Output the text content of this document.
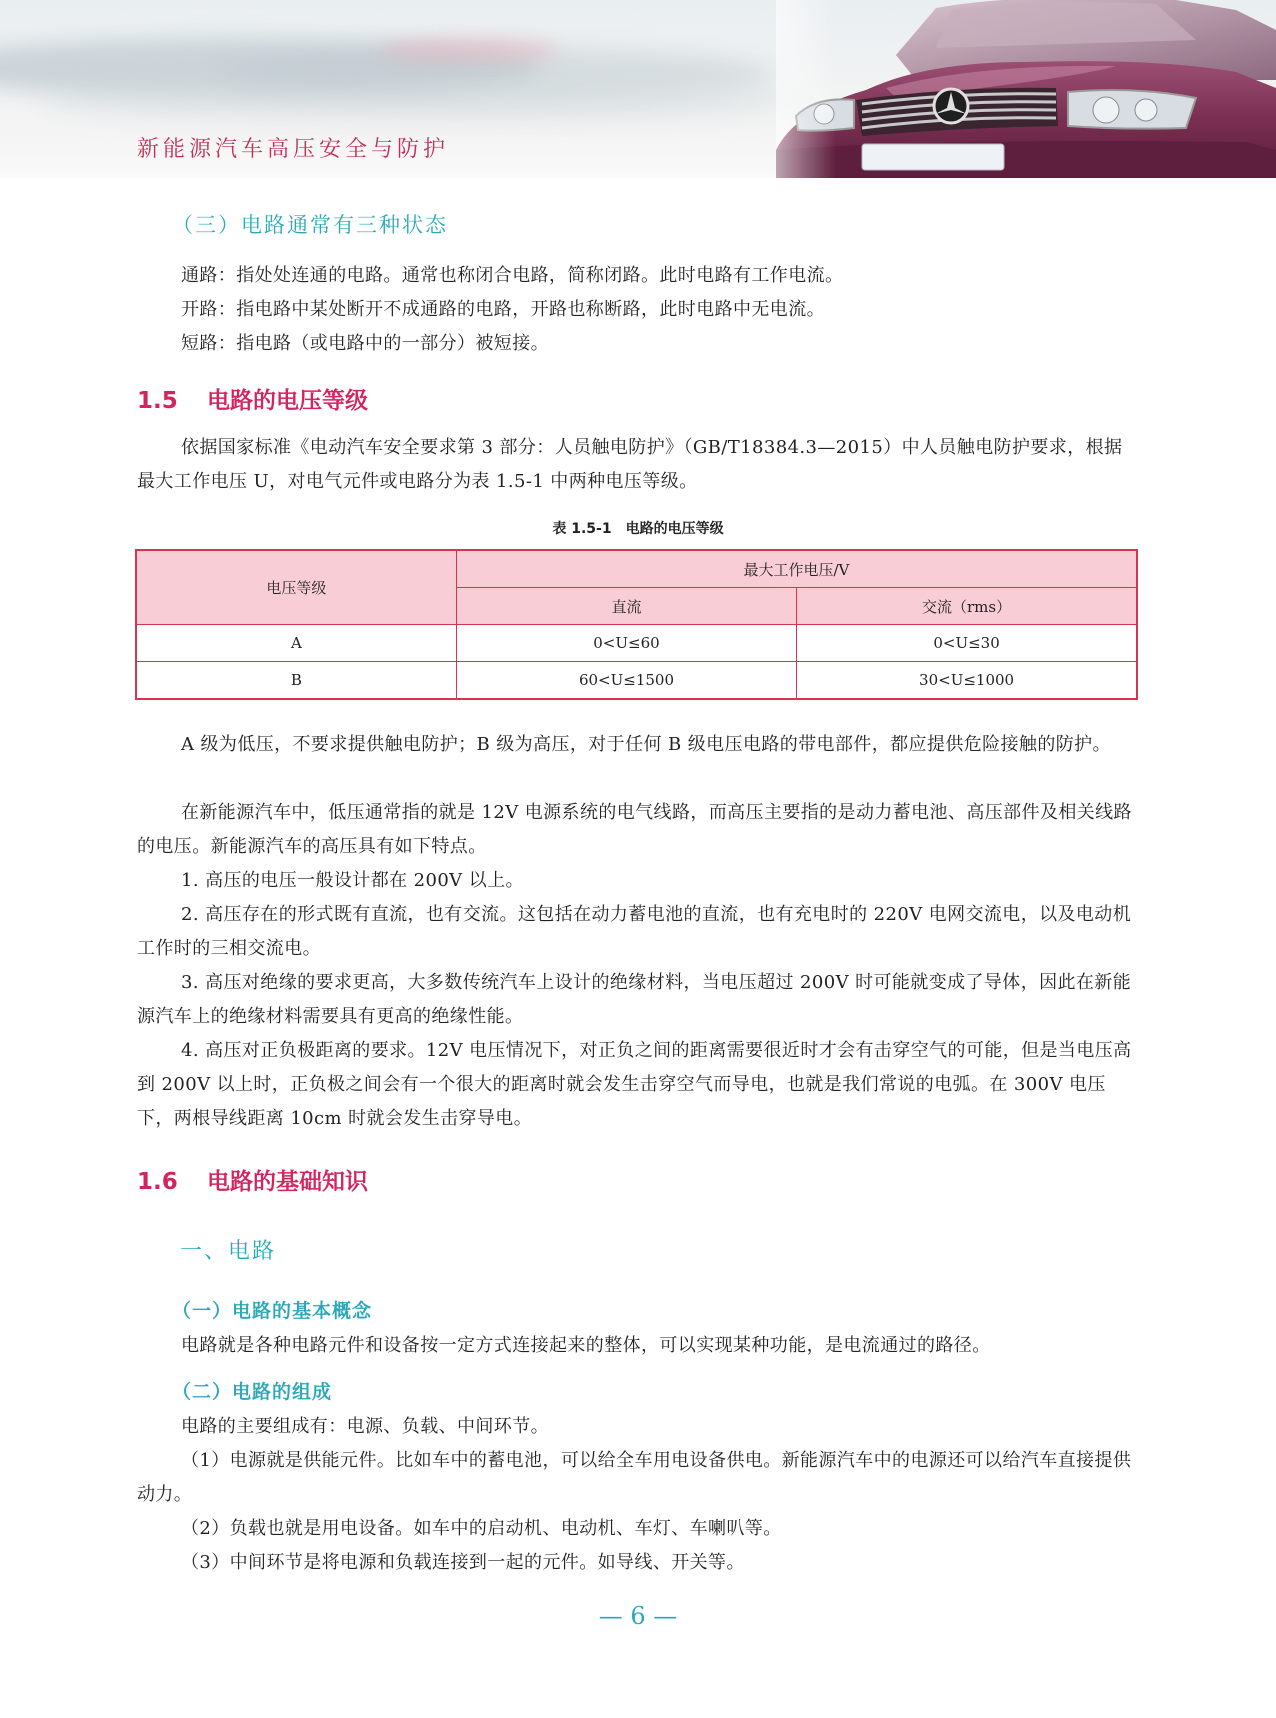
新能源汽车高压安全与防护
（三）电路通常有三种状态

通路：指处处连通的电路。通常也称闭合电路，简称闭路。此时电路有工作电流。

开路：指电路中某处断开不成通路的电路，开路也称断路，此时电路中无电流。

短路：指电路（或电路中的一部分）被短接。

1.5 电路的电压等级

依据国家标准《电动汽车安全要求第 3 部分：人员触电防护》（GB/T18384.3—2015）中人员触电防护要求，根据最大工作电压 U，对电气元件或电路分为表 1.5-1 中两种电压等级。

表 1.5-1　电路的电压等级
电压等级	最大工作电压/V	
	直流	交流（rms）
A	0<U≤60	0<U≤30
B	60<U≤1500	30<U≤1000

A 级为低压，不要求提供触电防护；B 级为高压，对于任何 B 级电压电路的带电部件，都应提供危险接触的防护。

在新能源汽车中，低压通常指的就是 12V 电源系统的电气线路，而高压主要指的是动力蓄电池、高压部件及相关线路的电压。新能源汽车的高压具有如下特点。

1. 高压的电压一般设计都在 200V 以上。

2. 高压存在的形式既有直流，也有交流。这包括在动力蓄电池的直流，也有充电时的 220V 电网交流电，以及电动机工作时的三相交流电。

3. 高压对绝缘的要求更高，大多数传统汽车上设计的绝缘材料，当电压超过 200V 时可能就变成了导体，因此在新能源汽车上的绝缘材料需要具有更高的绝缘性能。

4. 高压对正负极距离的要求。12V 电压情况下，对正负之间的距离需要很近时才会有击穿空气的可能，但是当电压高到 200V 以上时，正负极之间会有一个很大的距离时就会发生击穿空气而导电，也就是我们常说的电弧。在 300V 电压下，两根导线距离 10cm 时就会发生击穿导电。

1.6 电路的基础知识
一、电路
（一）电路的基本概念

电路就是各种电路元件和设备按一定方式连接起来的整体，可以实现某种功能，是电流通过的路径。

（二）电路的组成

电路的主要组成有：电源、负载、中间环节。

（1）电源就是供能元件。比如车中的蓄电池，可以给全车用电设备供电。新能源汽车中的电源还可以给汽车直接提供动力。

（2）负载也就是用电设备。如车中的启动机、电动机、车灯、车喇叭等。

（3）中间环节是将电源和负载连接到一起的元件。如导线、开关等。

— 6 —
